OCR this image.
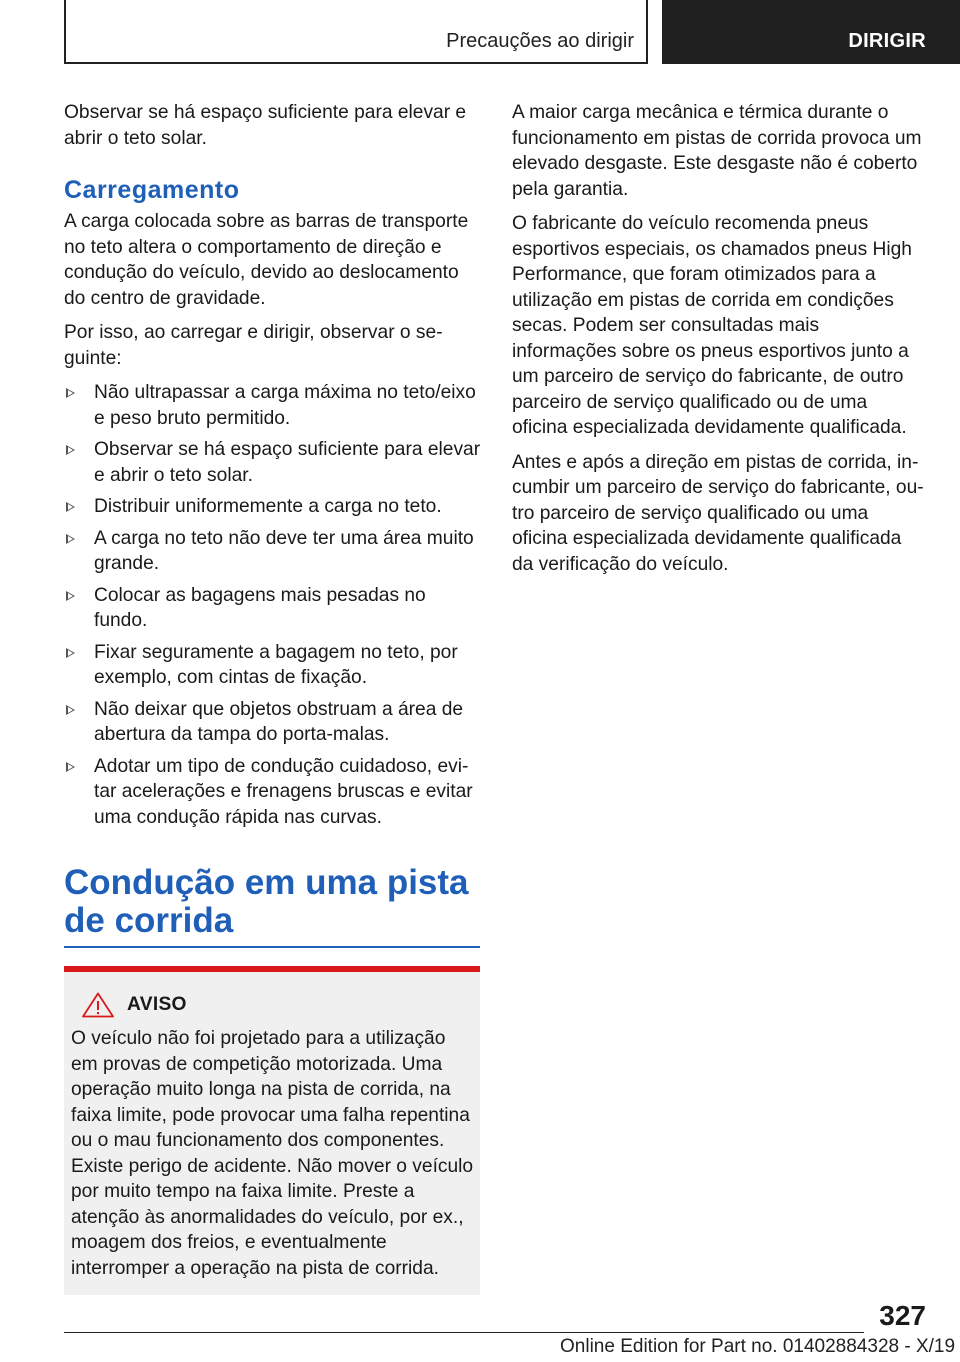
Precauções ao dirigir	DIRIGIR

Observar se há espaço suficiente para elevar e abrir o teto solar.

Carregamento

A carga colocada sobre as barras de transporte no teto altera o comportamento de direção e condução do veículo, devido ao deslocamento do centro de gravidade.

Por isso, ao carregar e dirigir, observar o seguinte:

Não ultrapassar a carga máxima no teto/eixo e peso bruto permitido.
Observar se há espaço suficiente para elevar e abrir o teto solar.
Distribuir uniformemente a carga no teto.
A carga no teto não deve ter uma área muito grande.
Colocar as bagagens mais pesadas no fundo.
Fixar seguramente a bagagem no teto, por exemplo, com cintas de fixação.
Não deixar que objetos obstruam a área de abertura da tampa do porta-malas.
Adotar um tipo de condução cuidadoso, evitar acelerações e frenagens bruscas e evitar uma condução rápida nas curvas.
Condução em uma pista de corrida
AVISO

O veículo não foi projetado para a utilização em provas de competição motorizada. Uma operação muito longa na pista de corrida, na faixa limite, pode provocar uma falha repentina ou o mau funcionamento dos componentes. Existe perigo de acidente. Não mover o veículo por muito tempo na faixa limite. Preste a atenção às anormalidades do veículo, por ex., moagem dos freios, e eventualmente interromper a operação na pista de corrida.

A maior carga mecânica e térmica durante o funcionamento em pistas de corrida provoca um elevado desgaste. Este desgaste não é coberto pela garantia.

O fabricante do veículo recomenda pneus esportivos especiais, os chamados pneus High Performance, que foram otimizados para a utilização em pistas de corrida em condições secas. Podem ser consultadas mais informações sobre os pneus esportivos junto a um parceiro de serviço do fabricante, de outro parceiro de serviço qualificado ou de uma oficina especializada devidamente qualificada.

Antes e após a direção em pistas de corrida, incumbir um parceiro de serviço do fabricante, outro parceiro de serviço qualificado ou uma oficina especializada devidamente qualificada da verificação do veículo.

327
Online Edition for Part no. 01402884328 - X/19
